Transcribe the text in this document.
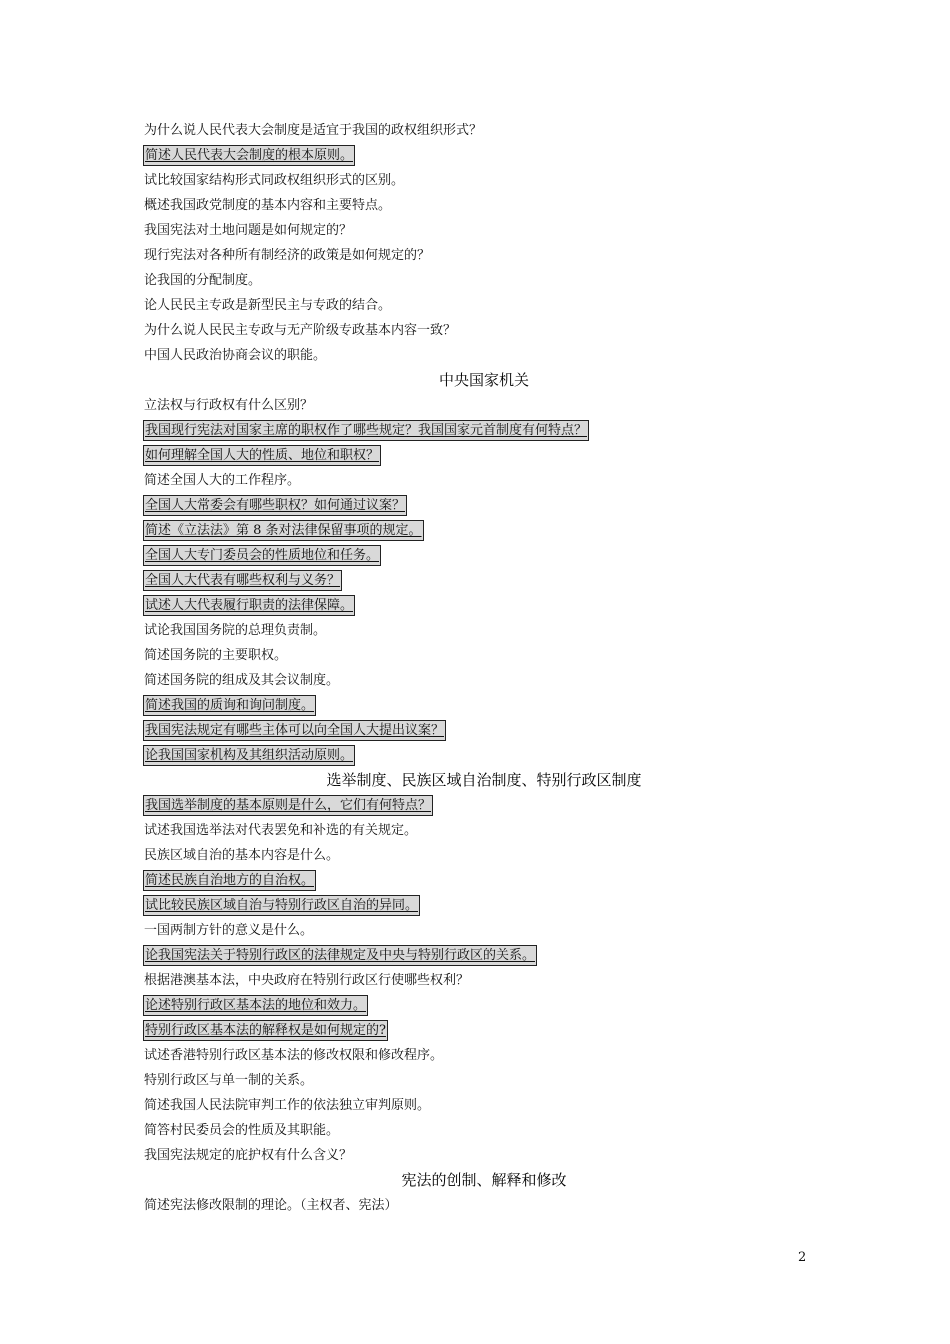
为什么说人民代表大会制度是适宜于我国的政权组织形式？
简述人民代表大会制度的根本原则。
试比较国家结构形式同政权组织形式的区别。
概述我国政党制度的基本内容和主要特点。
我国宪法对土地问题是如何规定的？
现行宪法对各种所有制经济的政策是如何规定的？
论我国的分配制度。
论人民民主专政是新型民主与专政的结合。
为什么说人民民主专政与无产阶级专政基本内容一致？
中国人民政治协商会议的职能。
中央国家机关
立法权与行政权有什么区别？
我国现行宪法对国家主席的职权作了哪些规定？我国国家元首制度有何特点？
如何理解全国人大的性质、地位和职权？
简述全国人大的工作程序。
全国人大常委会有哪些职权？如何通过议案？
简述《立法法》第 8 条对法律保留事项的规定。
全国人大专门委员会的性质地位和任务。
全国人大代表有哪些权利与义务？
试述人大代表履行职责的法律保障。
试论我国国务院的总理负责制。
简述国务院的主要职权。
简述国务院的组成及其会议制度。
简述我国的质询和询问制度。
我国宪法规定有哪些主体可以向全国人大提出议案？
论我国国家机构及其组织活动原则。
选举制度、民族区域自治制度、特别行政区制度
我国选举制度的基本原则是什么，它们有何特点？
试述我国选举法对代表罢免和补选的有关规定。
民族区域自治的基本内容是什么。
简述民族自治地方的自治权。
试比较民族区域自治与特别行政区自治的异同。
一国两制方针的意义是什么。
论我国宪法关于特别行政区的法律规定及中央与特别行政区的关系。
根据港澳基本法，中央政府在特别行政区行使哪些权利？
论述特别行政区基本法的地位和效力。
特别行政区基本法的解释权是如何规定的?
试述香港特别行政区基本法的修改权限和修改程序。
特别行政区与单一制的关系。
简述我国人民法院审判工作的依法独立审判原则。
简答村民委员会的性质及其职能。
我国宪法规定的庇护权有什么含义？
宪法的创制、解释和修改
简述宪法修改限制的理论。（主权者、宪法）
2
